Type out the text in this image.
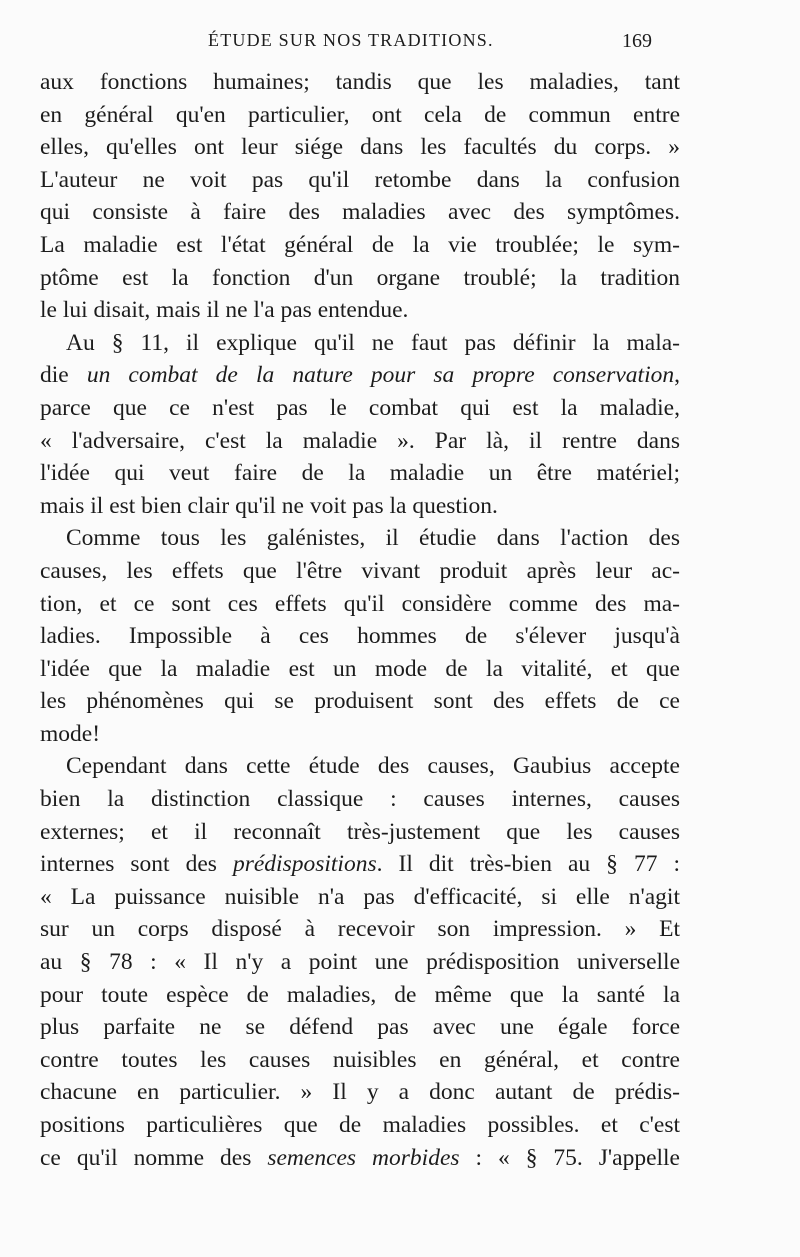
ÉTUDE SUR NOS TRADITIONS.	169
aux fonctions humaines; tandis que les maladies, tant
en général qu'en particulier, ont cela de commun entre
elles, qu'elles ont leur siége dans les facultés du corps. »
L'auteur ne voit pas qu'il retombe dans la confusion
qui consiste à faire des maladies avec des symptômes.
La maladie est l'état général de la vie troublée; le sym-
ptôme est la fonction d'un organe troublé; la tradition
le lui disait, mais il ne l'a pas entendue.
Au § 11, il explique qu'il ne faut pas définir la mala-
die un combat de la nature pour sa propre conservation,
parce que ce n'est pas le combat qui est la maladie,
« l'adversaire, c'est la maladie ». Par là, il rentre dans
l'idée qui veut faire de la maladie un être matériel;
mais il est bien clair qu'il ne voit pas la question.
Comme tous les galénistes, il étudie dans l'action des
causes, les effets que l'être vivant produit après leur ac-
tion, et ce sont ces effets qu'il considère comme des ma-
ladies. Impossible à ces hommes de s'élever jusqu'à
l'idée que la maladie est un mode de la vitalité, et que
les phénomènes qui se produisent sont des effets de ce
mode!
Cependant dans cette étude des causes, Gaubius accepte
bien la distinction classique : causes internes, causes
externes; et il reconnaît très-justement que les causes
internes sont des prédispositions. Il dit très-bien au § 77 :
« La puissance nuisible n'a pas d'efficacité, si elle n'agit
sur un corps disposé à recevoir son impression. » Et
au § 78 : « Il n'y a point une prédisposition universelle
pour toute espèce de maladies, de même que la santé la
plus parfaite ne se défend pas avec une égale force
contre toutes les causes nuisibles en général, et contre
chacune en particulier. » Il y a donc autant de prédis-
positions particulières que de maladies possibles. et c'est
ce qu'il nomme des semences morbides : « § 75. J'appelle
